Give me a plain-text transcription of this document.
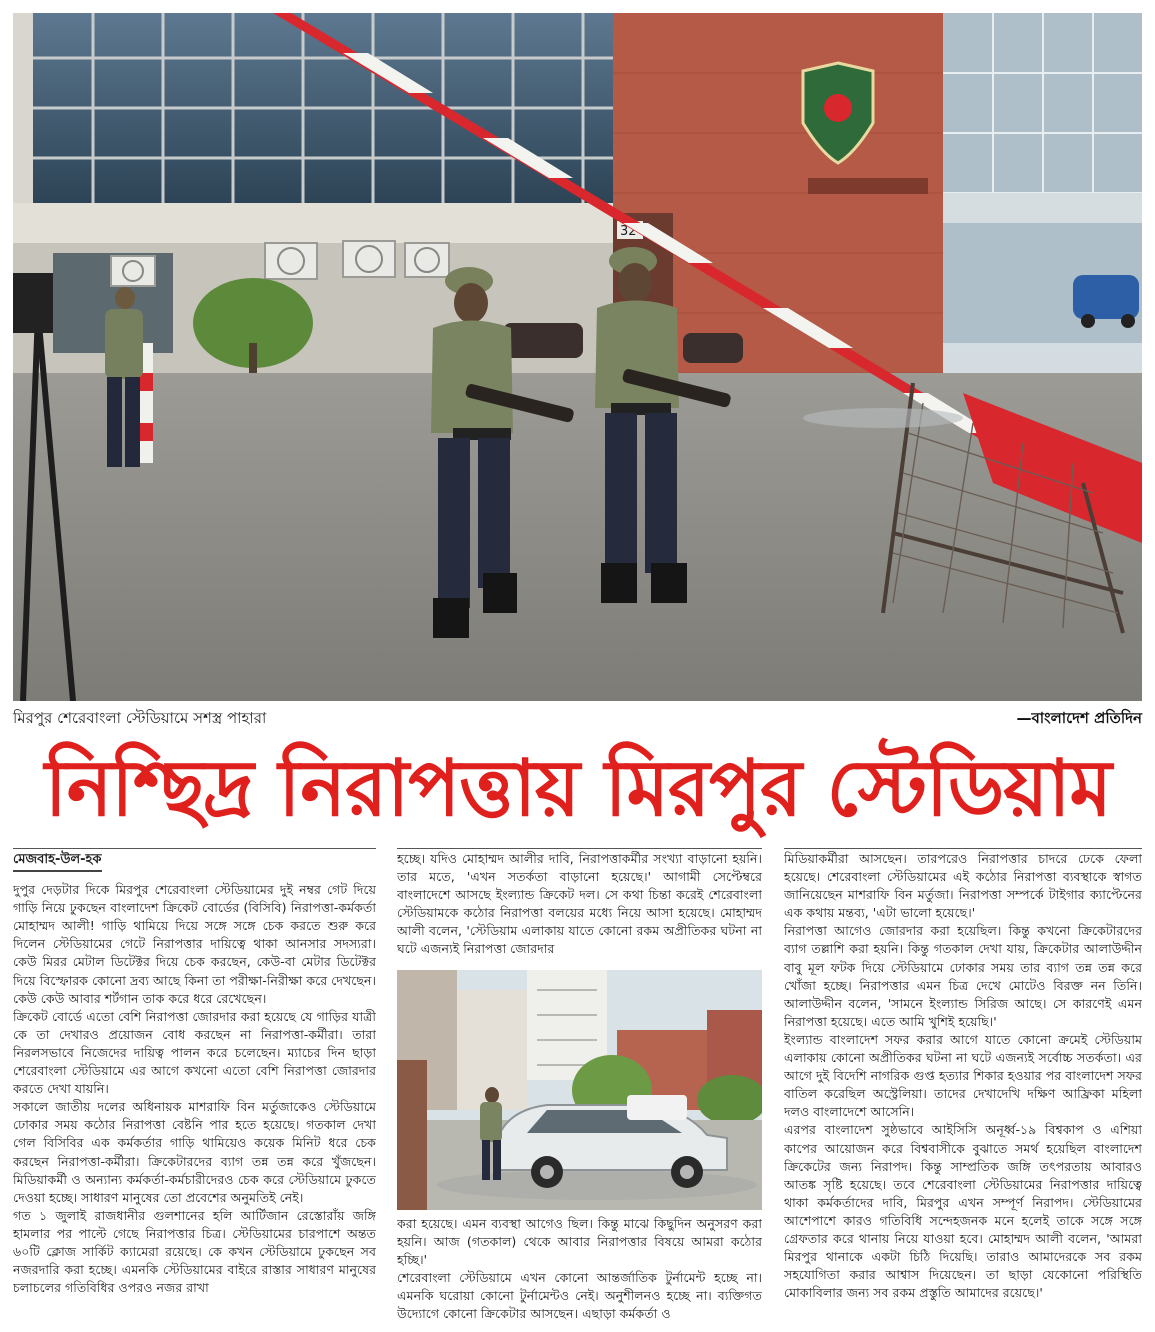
32
মিরপুর শেরেবাংলা স্টেডিয়ামে সশস্ত্র পাহারা	—বাংলাদেশ প্রতিদিন
নিশ্ছিদ্র নিরাপত্তায় মিরপুর স্টেডিয়াম
মেজবাহ-উল-হক

দুপুর দেড়টার দিকে মিরপুর শেরেবাংলা স্টেডিয়ামের দুই নম্বর গেট দিয়ে গাড়ি নিয়ে ঢুকছেন বাংলাদেশ ক্রিকেট বোর্ডের (বিসিবি) নিরাপত্তা-কর্মকর্তা মোহাম্মদ আলী! গাড়ি থামিয়ে দিয়ে সঙ্গে সঙ্গে চেক করতে শুরু করে দিলেন স্টেডিয়ামের গেটে নিরাপত্তার দায়িত্বে থাকা আনসার সদস্যরা। কেউ মিরর মেটাল ডিটেক্টর দিয়ে চেক করছেন, কেউ-বা মেটার ডিটেক্টর দিয়ে বিস্ফোরক কোনো দ্রব্য আছে কিনা তা পরীক্ষা-নিরীক্ষা করে দেখছেন। কেউ কেউ আবার শর্টগান তাক করে ধরে রেখেছেন।

ক্রিকেট বোর্ডে এতো বেশি নিরাপত্তা জোরদার করা হয়েছে যে গাড়ির যাত্রী কে তা দেখারও প্রয়োজন বোধ করছেন না নিরাপত্তা-কর্মীরা। তারা নিরলসভাবে নিজেদের দায়িত্ব পালন করে চলেছেন। ম্যাচের দিন ছাড়া শেরেবাংলা স্টেডিয়ামে এর আগে কখনো এতো বেশি নিরাপত্তা জোরদার করতে দেখা যায়নি।

সকালে জাতীয় দলের অধিনায়ক মাশরাফি বিন মর্তুজাকেও স্টেডিয়ামে ঢোকার সময় কঠোর নিরাপত্তা বেষ্টনি পার হতে হয়েছে। গতকাল দেখা গেল বিসিবির এক কর্মকর্তার গাড়ি থামিয়েও কয়েক মিনিট ধরে চেক করছেন নিরাপত্তা-কর্মীরা। ক্রিকেটারদের ব্যাগ তন্ন তন্ন করে খুঁজছেন। মিডিয়াকর্মী ও অন্যান্য কর্মকর্তা-কর্মচারীদেরও চেক করে স্টেডিয়ামে ঢুকতে দেওয়া হচ্ছে। সাধারণ মানুষের তো প্রবেশের অনুমতিই নেই।

গত ১ জুলাই রাজধানীর গুলশানের হলি আর্টিজান রেস্তোরাঁয় জঙ্গি হামলার পর পাল্টে গেছে নিরাপত্তার চিত্র। স্টেডিয়ামের চারপাশে অন্তত ৬০টি ক্লোজ সার্কিট ক্যামেরা রয়েছে। কে কখন স্টেডিয়ামে ঢুকছেন সব নজরদারি করা হচ্ছে। এমনকি স্টেডিয়ামের বাইরে রাস্তার সাধারণ মানুষের চলাচলের গতিবিধির ওপরও নজর রাখা

হচ্ছে। যদিও মোহাম্মদ আলীর দাবি, নিরাপত্তাকর্মীর সংখ্যা বাড়ানো হয়নি। তার মতে, 'এখন সতর্কতা বাড়ানো হয়েছে।' আগামী সেপ্টেম্বরে বাংলাদেশে আসছে ইংল্যান্ড ক্রিকেট দল। সে কথা চিন্তা করেই শেরেবাংলা স্টেডিয়ামকে কঠোর নিরাপত্তা বলয়ের মধ্যে নিয়ে আসা হয়েছে। মোহাম্মদ আলী বলেন, 'স্টেডিয়াম এলাকায় যাতে কোনো রকম অপ্রীতিকর ঘটনা না ঘটে এজন্যই নিরাপত্তা জোরদার

করা হয়েছে। এমন ব্যবস্থা আগেও ছিল। কিন্তু মাঝে কিছুদিন অনুসরণ করা হয়নি। আজ (গতকাল) থেকে আবার নিরাপত্তার বিষয়ে আমরা কঠোর হচ্ছি।'

শেরেবাংলা স্টেডিয়ামে এখন কোনো আন্তর্জাতিক টুর্নামেন্ট হচ্ছে না। এমনকি ঘরোয়া কোনো টুর্নামেন্টও নেই। অনুশীলনও হচ্ছে না। ব্যক্তিগত উদ্যোগে কোনো ক্রিকেটার আসছেন। এছাড়া কর্মকর্তা ও

মিডিয়াকর্মীরা আসছেন। তারপরেও নিরাপত্তার চাদরে ঢেকে ফেলা হয়েছে। শেরেবাংলা স্টেডিয়ামের এই কঠোর নিরাপত্তা ব্যবস্থাকে স্বাগত জানিয়েছেন মাশরাফি বিন মর্তুজা। নিরাপত্তা সম্পর্কে টাইগার ক্যাপ্টেনের এক কথায় মন্তব্য, 'এটা ভালো হয়েছে।'

নিরাপত্তা আগেও জোরদার করা হয়েছিল। কিন্তু কখনো ক্রিকেটারদের ব্যাগ তল্লাশি করা হয়নি। কিন্তু গতকাল দেখা যায়, ক্রিকেটার আলাউদ্দীন বাবু মূল ফটক দিয়ে স্টেডিয়ামে ঢোকার সময় তার ব্যাগ তন্ন তন্ন করে খোঁজা হচ্ছে। নিরাপত্তার এমন চিত্র দেখে মোটেও বিরক্ত নন তিনি। আলাউদ্দীন বলেন, 'সামনে ইংল্যান্ড সিরিজ আছে। সে কারণেই এমন নিরাপত্তা হয়েছে। এতে আমি খুশিই হয়েছি।'

ইংল্যান্ড বাংলাদেশ সফর করার আগে যাতে কোনো ক্রমেই স্টেডিয়াম এলাকায় কোনো অপ্রীতিকর ঘটনা না ঘটে এজন্যই সর্বোচ্চ সতর্কতা। এর আগে দুই বিদেশি নাগরিক গুপ্ত হত্যার শিকার হওয়ার পর বাংলাদেশ সফর বাতিল করেছিল অস্ট্রেলিয়া। তাদের দেখাদেখি দক্ষিণ আফ্রিকা মহিলা দলও বাংলাদেশে আসেনি।

এরপর বাংলাদেশ সুষ্ঠভাবে আইসিসি অনূর্ধ্ব-১৯ বিশ্বকাপ ও এশিয়া কাপের আয়োজন করে বিশ্ববাসীকে বুঝাতে সমর্থ হয়েছিল বাংলাদেশ ক্রিকেটের জন্য নিরাপদ। কিন্তু সাম্প্রতিক জঙ্গি তৎপরতায় আবারও আতঙ্ক সৃষ্টি হয়েছে। তবে শেরেবাংলা স্টেডিয়ামের নিরাপত্তার দায়িত্বে থাকা কর্মকর্তাদের দাবি, মিরপুর এখন সম্পূর্ণ নিরাপদ। স্টেডিয়ামের আশেপাশে কারও গতিবিধি সন্দেহজনক মনে হলেই তাকে সঙ্গে সঙ্গে গ্রেফতার করে থানায় নিয়ে যাওয়া হবে। মোহাম্মদ আলী বলেন, 'আমরা মিরপুর থানাকে একটা চিঠি দিয়েছি। তারাও আমাদেরকে সব রকম সহযোগিতা করার আশ্বাস দিয়েছেন। তা ছাড়া যেকোনো পরিস্থিতি মোকাবিলার জন্য সব রকম প্রস্তুতি আমাদের রয়েছে।'
